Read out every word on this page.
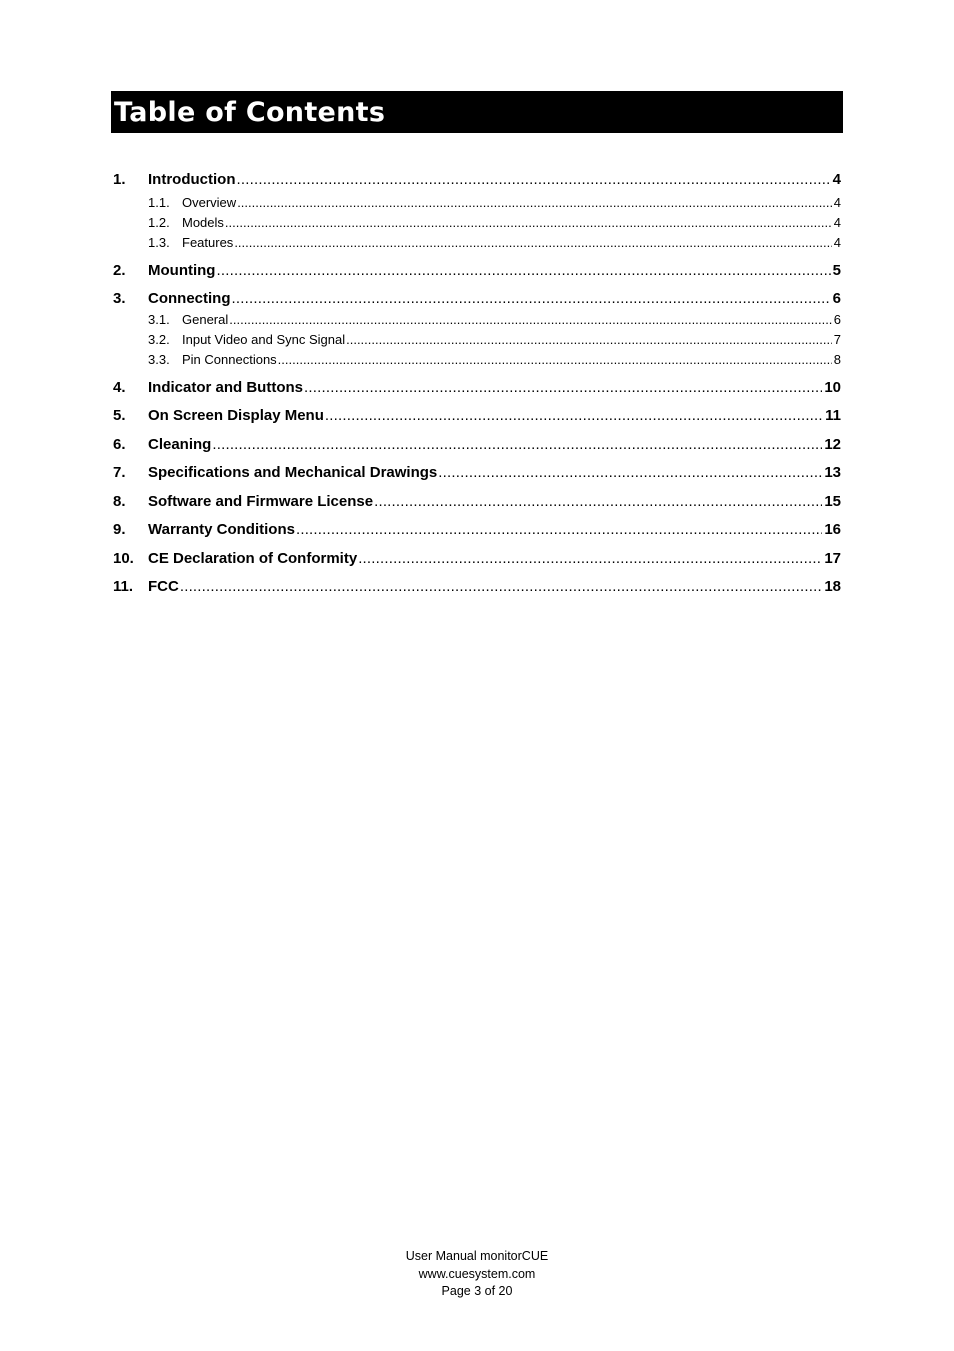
Table of Contents
1.	Introduction .....	4
1.1. Overview .....	4
1.2. Models .....	4
1.3. Features .....	4
2.	Mounting .....	5
3.	Connecting .....	6
3.1. General .....	6
3.2. Input Video and Sync Signal .....	7
3.3. Pin Connections .....	8
4.	Indicator and Buttons .....	10
5.	On Screen Display Menu .....	11
6.	Cleaning .....	12
7.	Specifications and Mechanical Drawings .....	13
8.	Software and Firmware License .....	15
9.	Warranty Conditions .....	16
10. CE Declaration of Conformity .....	17
11. FCC .....	18
User Manual monitorCUE
www.cuesystem.com
Page 3 of 20
